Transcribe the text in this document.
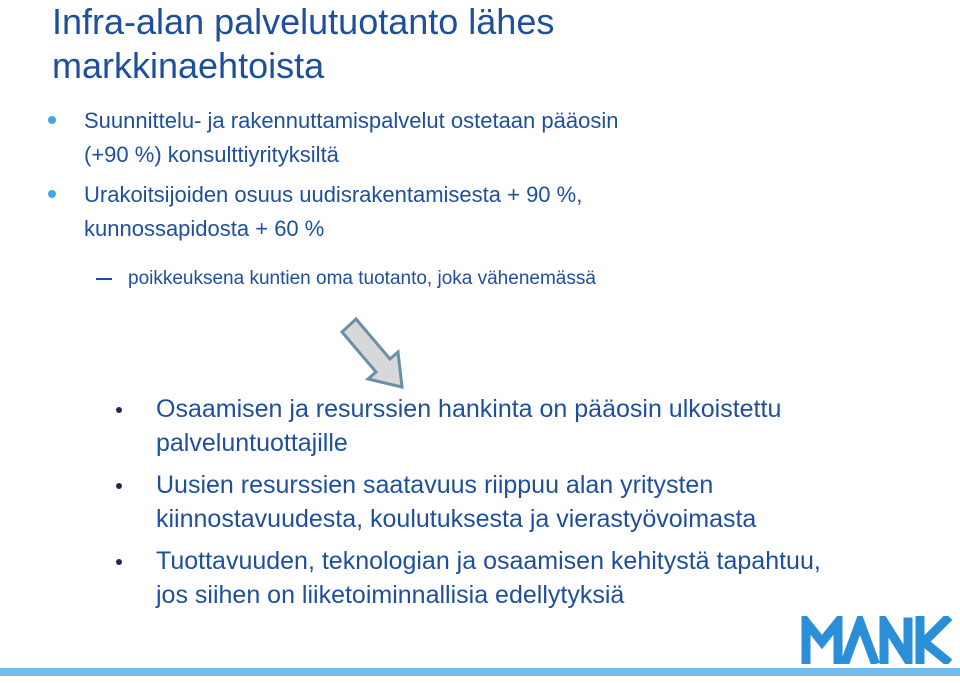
Infra-alan palvelutuotanto lähes
markkinaehtoista
Suunnittelu- ja rakennuttamispalvelut ostetaan pääosin
(+90 %) konsulttiyrityksiltä
Urakoitsijoiden osuus uudisrakentamisesta + 90 %,
kunnossapidosta + 60 %
poikkeuksena kuntien oma tuotanto, joka vähenemässä
Osaamisen ja resurssien hankinta on pääosin ulkoistettu
palveluntuottajille
Uusien resurssien saatavuus riippuu alan yritysten
kiinnostavuudesta, koulutuksesta ja vierastyövoimasta
Tuottavuuden, teknologian ja osaamisen kehitystä tapahtuu,
jos siihen on liiketoiminnallisia edellytyksiä
